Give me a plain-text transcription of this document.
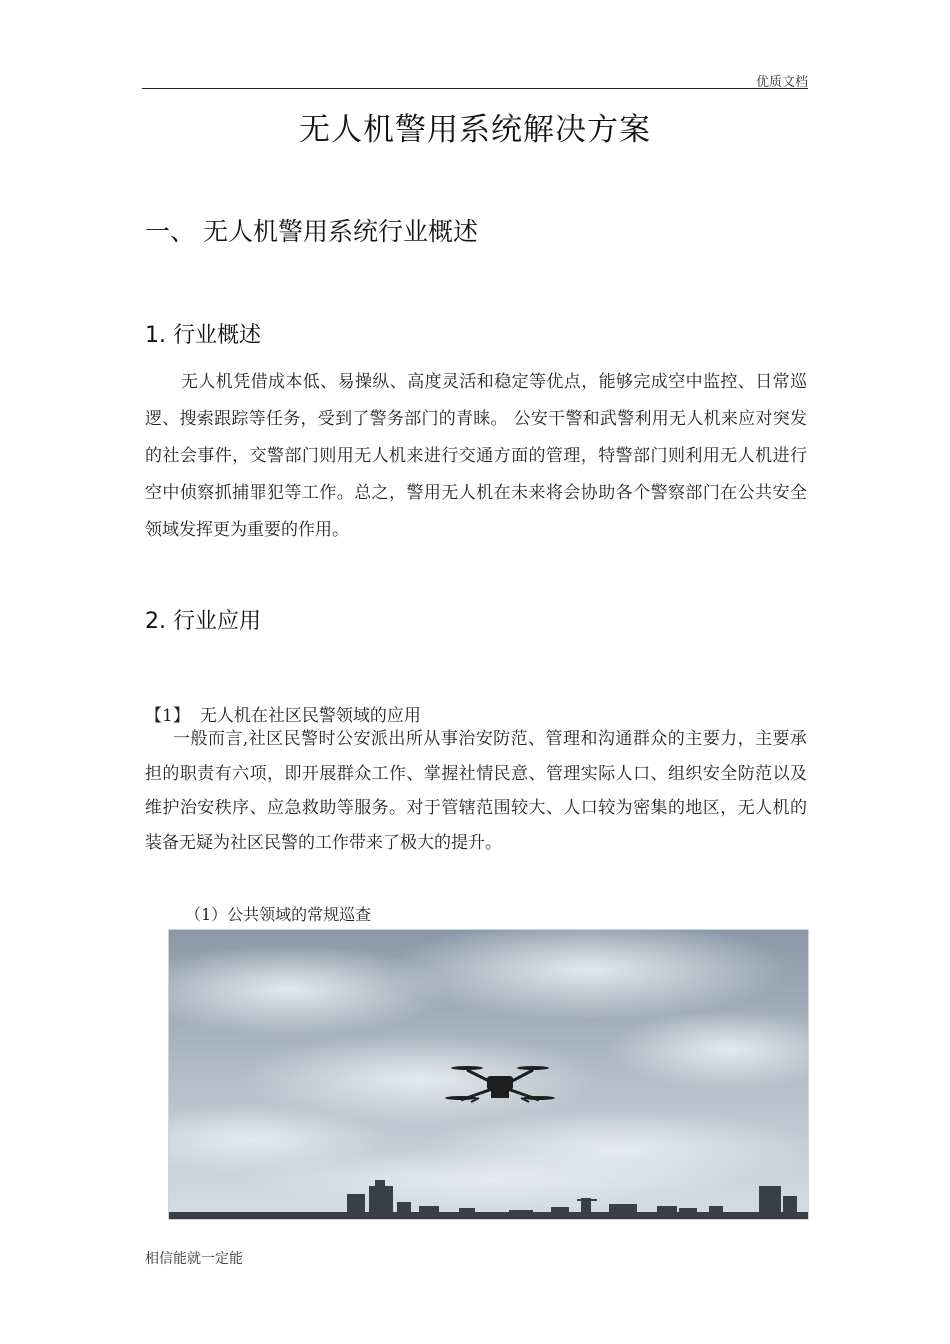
优质文档
无人机警用系统解决方案
一、 无人机警用系统行业概述
1. 行业概述

无人机凭借成本低、易操纵、高度灵活和稳定等优点，能够完成空中监控、日常巡逻、搜索跟踪等任务，受到了警务部门的青睐。 公安干警和武警利用无人机来应对突发的社会事件，交警部门则用无人机来进行交通方面的管理，特警部门则利用无人机进行空中侦察抓捕罪犯等工作。总之，警用无人机在未来将会协助各个警察部门在公共安全领域发挥更为重要的作用。

2. 行业应用
【1】 无人机在社区民警领域的应用

一般而言,社区民警时公安派出所从事治安防范、管理和沟通群众的主要力，主要承担的职责有六项，即开展群众工作、掌握社情民意、管理实际人口、组织安全防范以及维护治安秩序、应急救助等服务。对于管辖范围较大、人口较为密集的地区，无人机的装备无疑为社区民警的工作带来了极大的提升。

（1）公共领域的常规巡查
相信能就一定能
